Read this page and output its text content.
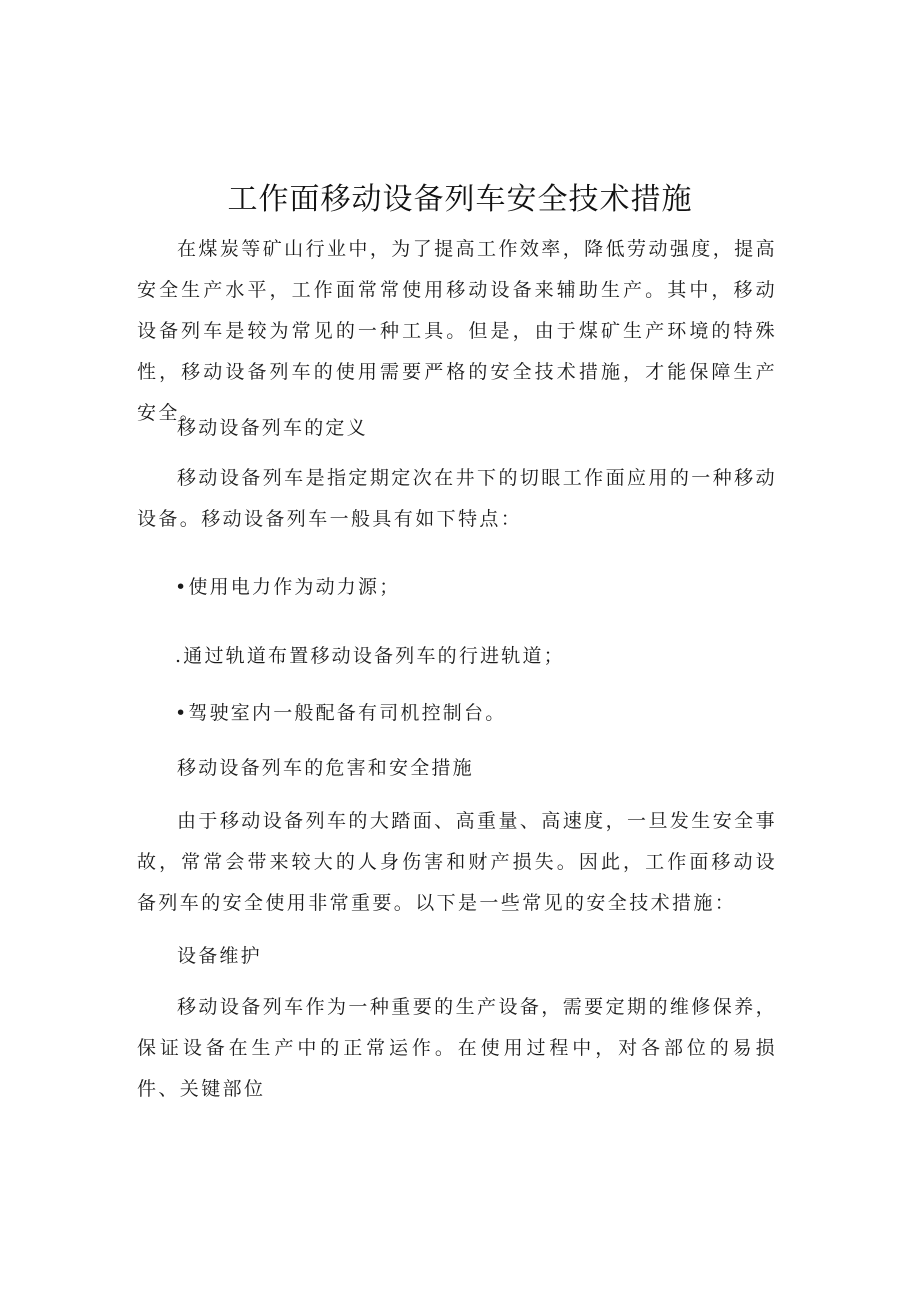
工作面移动设备列车安全技术措施

在煤炭等矿山行业中，为了提高工作效率，降低劳动强度，提高安全生产水平，工作面常常使用移动设备来辅助生产。其中，移动设备列车是较为常见的一种工具。但是，由于煤矿生产环境的特殊性，移动设备列车的使用需要严格的安全技术措施，才能保障生产安全。

移动设备列车的定义

移动设备列车是指定期定次在井下的切眼工作面应用的一种移动设备。移动设备列车一般具有如下特点：

•使用电力作为动力源；

.通过轨道布置移动设备列车的行进轨道；

•驾驶室内一般配备有司机控制台。

移动设备列车的危害和安全措施

由于移动设备列车的大踏面、高重量、高速度，一旦发生安全事故，常常会带来较大的人身伤害和财产损失。因此，工作面移动设备列车的安全使用非常重要。以下是一些常见的安全技术措施：

设备维护

移动设备列车作为一种重要的生产设备，需要定期的维修保养，保证设备在生产中的正常运作。在使用过程中，对各部位的易损件、关键部位
